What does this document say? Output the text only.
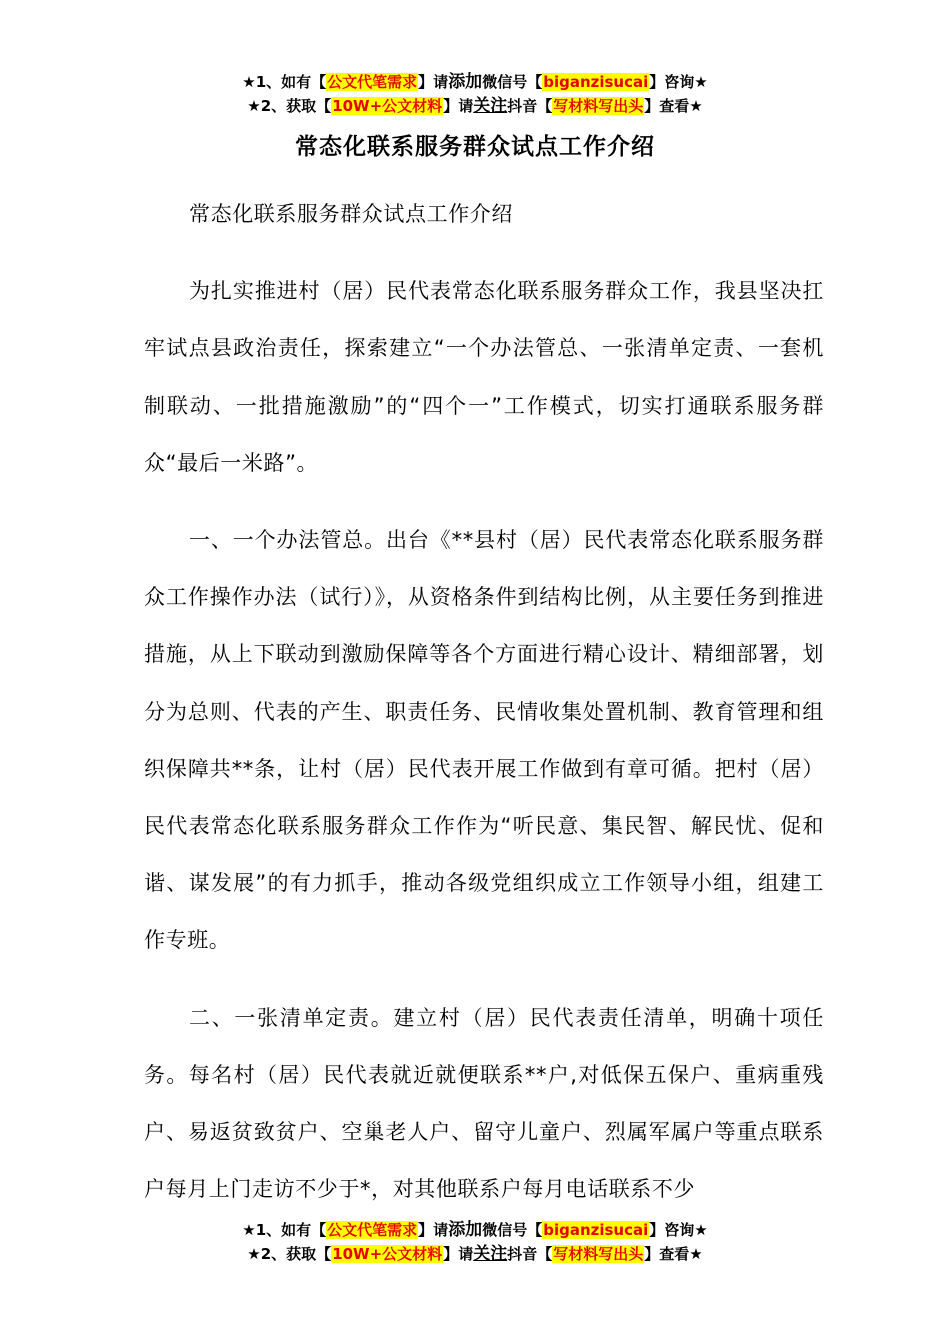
★1、如有【公文代笔需求】请添加微信号【biganzisucai】咨询★
★2、获取【10W+公文材料】请关注抖音【写材料写出头】查看★
常态化联系服务群众试点工作介绍

常态化联系服务群众试点工作介绍

为扎实推进村（居）民代表常态化联系服务群众工作，我县坚决扛牢试点县政治责任，探索建立“一个办法管总、一张清单定责、一套机制联动、一批措施激励”的“四个一”工作模式，切实打通联系服务群众“最后一米路”。

一、一个办法管总。出台《**县村（居）民代表常态化联系服务群众工作操作办法（试行）》，从资格条件到结构比例，从主要任务到推进措施，从上下联动到激励保障等各个方面进行精心设计、精细部署，划分为总则、代表的产生、职责任务、民情收集处置机制、教育管理和组织保障共**条，让村（居）民代表开展工作做到有章可循。把村（居）民代表常态化联系服务群众工作作为“听民意、集民智、解民忧、促和谐、谋发展”的有力抓手，推动各级党组织成立工作领导小组，组建工作专班。

二、一张清单定责。建立村（居）民代表责任清单，明确十项任务。每名村（居）民代表就近就便联系**户,对低保五保户、重病重残户、易返贫致贫户、空巢老人户、留守儿童户、烈属军属户等重点联系户每月上门走访不少于*，对其他联系户每月电话联系不少

★1、如有【公文代笔需求】请添加微信号【biganzisucai】咨询★
★2、获取【10W+公文材料】请关注抖音【写材料写出头】查看★
